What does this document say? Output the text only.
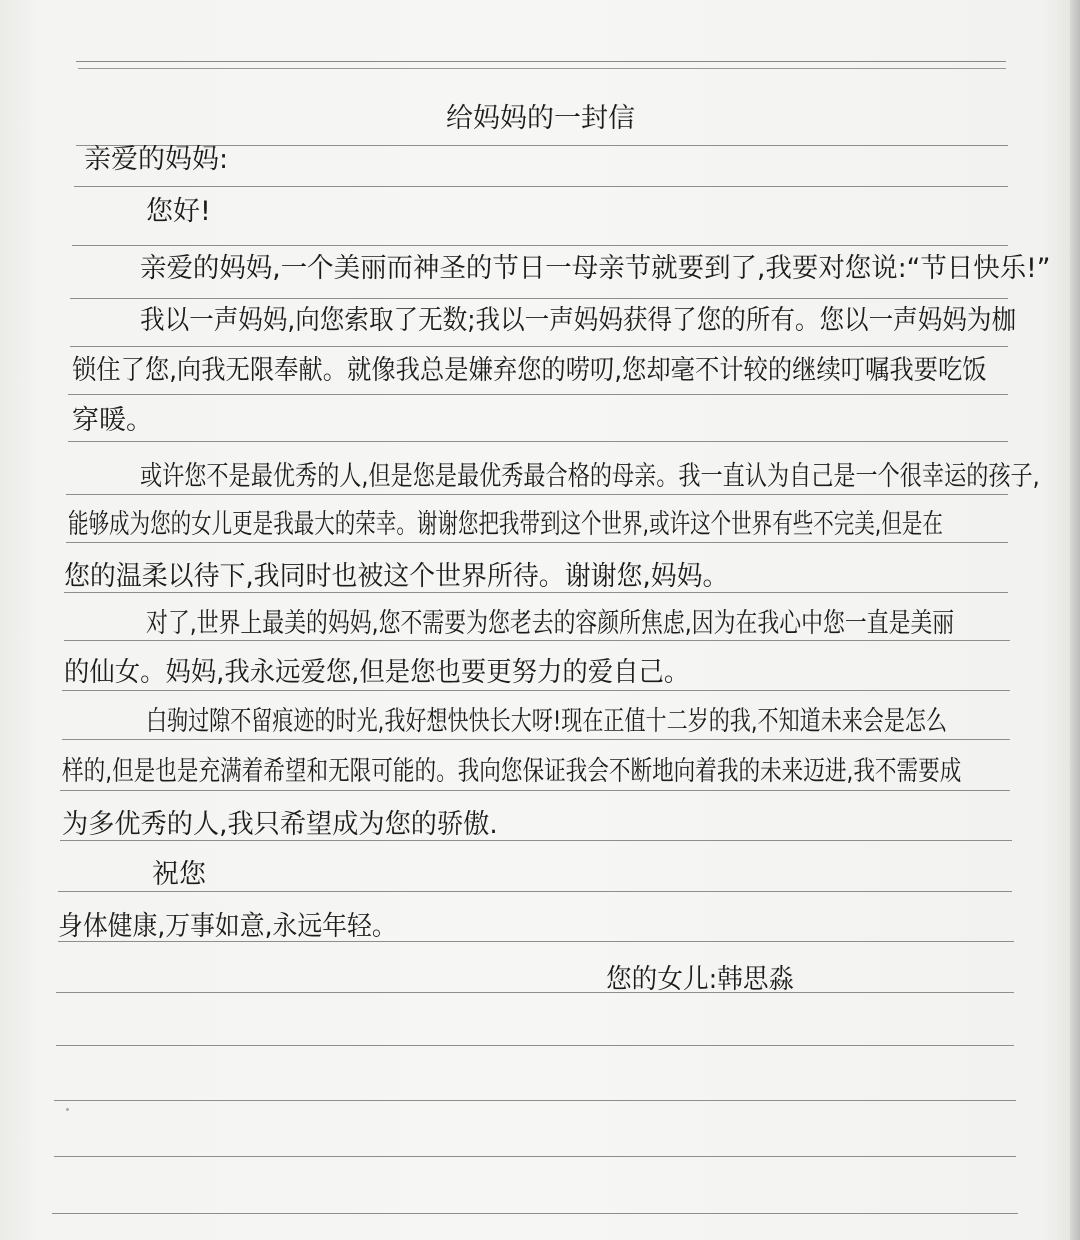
给妈妈的一封信
亲爱的妈妈:
您好!
亲爱的妈妈,一个美丽而神圣的节日一母亲节就要到了,我要对您说:“节日快乐!”
我以一声妈妈,向您索取了无数;我以一声妈妈获得了您的所有。您以一声妈妈为枷
锁住了您,向我无限奉献。就像我总是嫌弃您的唠叨,您却毫不计较的继续叮嘱我要吃饭
穿暖。
或许您不是最优秀的人,但是您是最优秀最合格的母亲。我一直认为自己是一个很幸运的孩子,
能够成为您的女儿更是我最大的荣幸。谢谢您把我带到这个世界,或许这个世界有些不完美,但是在
您的温柔以待下,我同时也被这个世界所待。谢谢您,妈妈。
对了,世界上最美的妈妈,您不需要为您老去的容颜所焦虑,因为在我心中您一直是美丽
的仙女。妈妈,我永远爱您,但是您也要更努力的爱自己。
白驹过隙不留痕迹的时光,我好想快快长大呀!现在正值十二岁的我,不知道未来会是怎么
样的,但是也是充满着希望和无限可能的。我向您保证我会不断地向着我的未来迈进,我不需要成
为多优秀的人,我只希望成为您的骄傲.
祝您
身体健康,万事如意,永远年轻。
您的女儿:韩思淼
